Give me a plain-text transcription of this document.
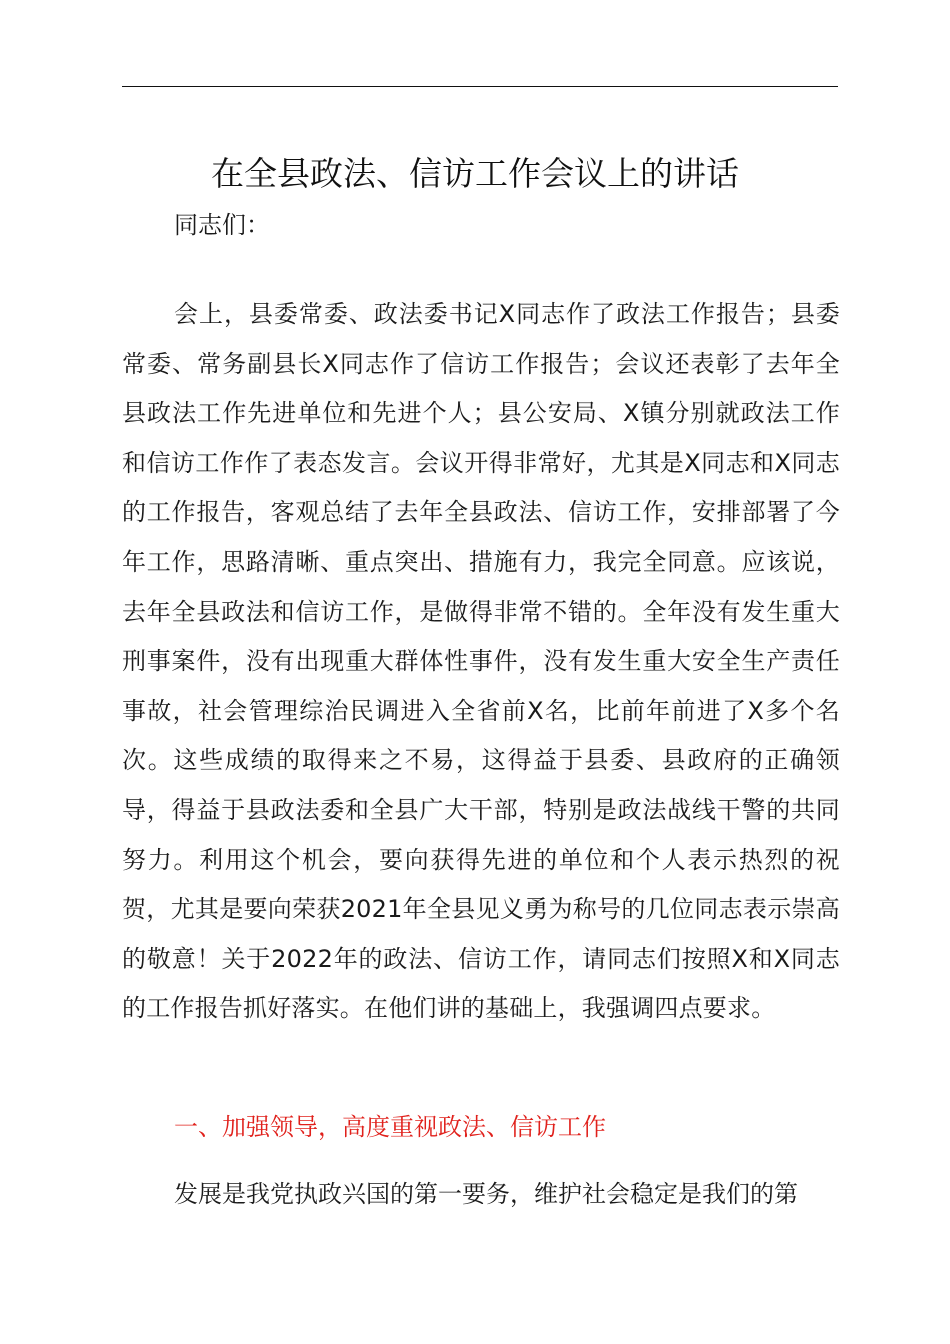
在全县政法、信访工作会议上的讲话

同志们：

会上，县委常委、政法委书记X同志作了政法工作报告；县委常委、常务副县长X同志作了信访工作报告；会议还表彰了去年全县政法工作先进单位和先进个人；县公安局、X镇分别就政法工作和信访工作作了表态发言。会议开得非常好，尤其是X同志和X同志的工作报告，客观总结了去年全县政法、信访工作，安排部署了今年工作，思路清晰、重点突出、措施有力，我完全同意。应该说，去年全县政法和信访工作，是做得非常不错的。全年没有发生重大刑事案件，没有出现重大群体性事件，没有发生重大安全生产责任事故，社会管理综治民调进入全省前X名，比前年前进了X多个名次。这些成绩的取得来之不易，这得益于县委、县政府的正确领导，得益于县政法委和全县广大干部，特别是政法战线干警的共同努力。利用这个机会，要向获得先进的单位和个人表示热烈的祝贺，尤其是要向荣获2021年全县见义勇为称号的几位同志表示崇高的敬意！关于2022年的政法、信访工作，请同志们按照X和X同志的工作报告抓好落实。在他们讲的基础上，我强调四点要求。

一、加强领导，高度重视政法、信访工作

发展是我党执政兴国的第一要务，维护社会稳定是我们的第
